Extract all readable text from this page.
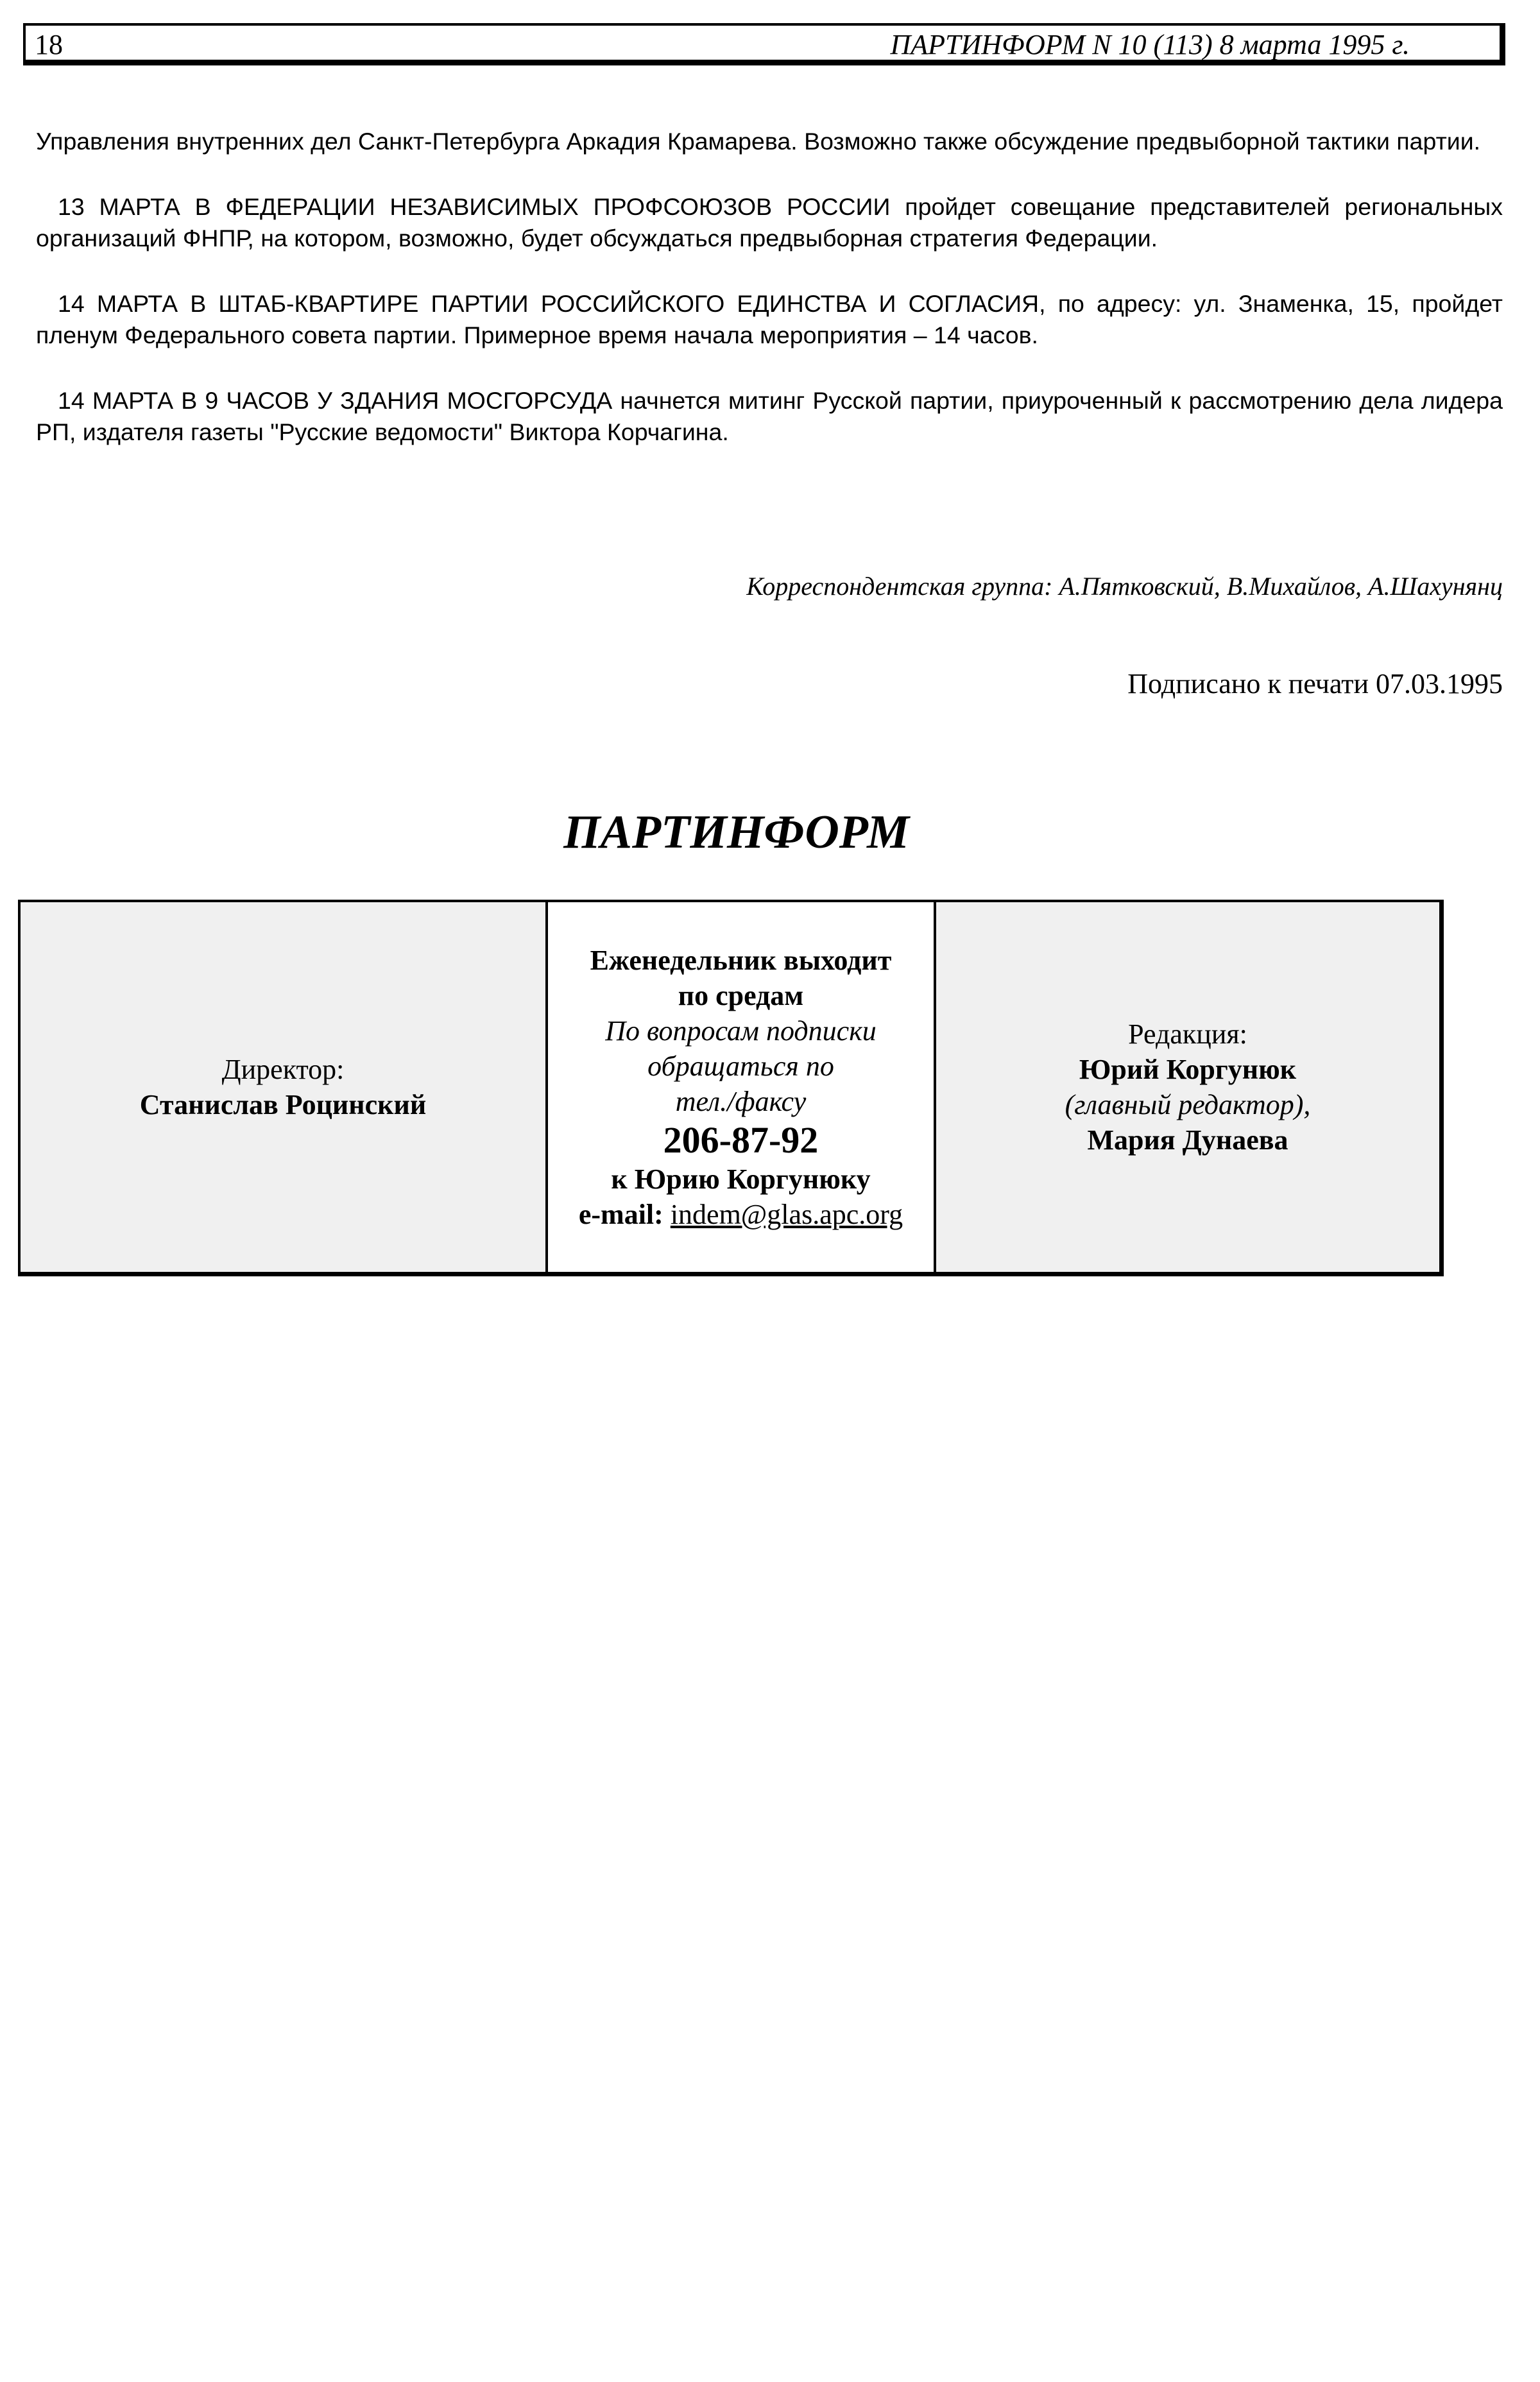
18	ПАРТИНФОРМ N 10 (113) 8 марта 1995 г.

Управления внутренних дел Санкт-Петербурга Аркадия Крамарева. Возможно также обсуждение предвыборной тактики партии.

13 МАРТА В ФЕДЕРАЦИИ НЕЗАВИСИМЫХ ПРОФСОЮЗОВ РОССИИ пройдет совещание представителей региональных организаций ФНПР, на котором, возможно, будет обсуждаться предвыборная стратегия Федерации.

14 МАРТА В ШТАБ-КВАРТИРЕ ПАРТИИ РОССИЙСКОГО ЕДИНСТВА И СОГЛАСИЯ, по адресу: ул. Знаменка, 15, пройдет пленум Федерального совета партии. Примерное время начала мероприятия – 14 часов.

14 МАРТА В 9 ЧАСОВ У ЗДАНИЯ МОСГОРСУДА начнется митинг Русской партии, приуроченный к рассмотрению дела лидера РП, издателя газеты "Русские ведомости" Виктора Корчагина.

Корреспондентская группа: А.Пятковский, В.Михайлов, А.Шахунянц
Подписано к печати 07.03.1995
ПАРТИНФОРМ
Директор:
Станислав Роцинский
Еженедельник выходит
по средам
По вопросам подписки
обращаться по
тел./факсу
206-87-92
к Юрию Коргунюку
e-mail: indem@glas.apc.org
Редакция:
Юрий Коргунюк
(главный редактор),
Мария Дунаева
